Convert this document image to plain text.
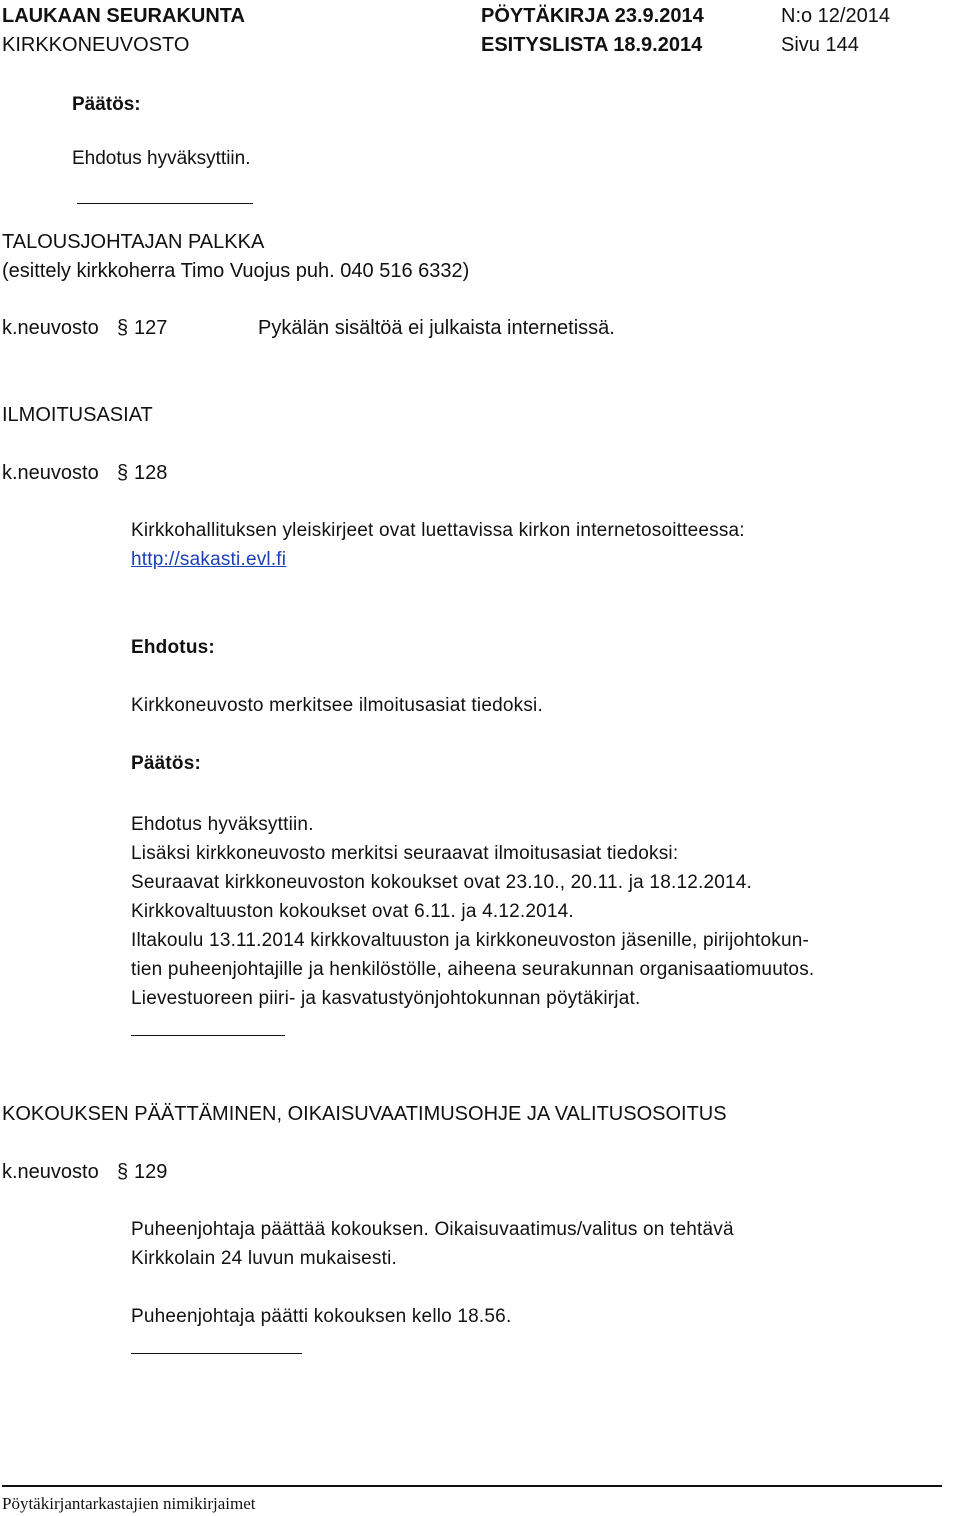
LAUKAAN SEURAKUNTA
KIRKKONEUVOSTO
PÖYTÄKIRJA 23.9.2014
ESITYSLISTA 18.9.2014
N:o 12/2014
Sivu 144
Päätös:
Ehdotus hyväksyttiin.
TALOUSJOHTAJAN PALKKA
(esittely kirkkoherra Timo Vuojus puh. 040 516 6332)
k.neuvosto § 127	Pykälän sisältöä ei julkaista internetissä.
ILMOITUSASIAT
k.neuvosto § 128
Kirkkohallituksen yleiskirjeet ovat luettavissa kirkon internetosoitteessa:
http://sakasti.evl.fi
Ehdotus:
Kirkkoneuvosto merkitsee ilmoitusasiat tiedoksi.
Päätös:
Ehdotus hyväksyttiin.
Lisäksi kirkkoneuvosto merkitsi seuraavat ilmoitusasiat tiedoksi:
Seuraavat kirkkoneuvoston kokoukset ovat 23.10., 20.11. ja 18.12.2014.
Kirkkovaltuuston kokoukset ovat 6.11. ja 4.12.2014.
Iltakoulu 13.11.2014 kirkkovaltuuston ja kirkkoneuvoston jäsenille, pirijohtokun-
tien puheenjohtajille ja henkilöstölle, aiheena seurakunnan organisaatiomuutos.
Lievestuoreen piiri- ja kasvatustyönjohtokunnan pöytäkirjat.
KOKOUKSEN PÄÄTTÄMINEN, OIKAISUVAATIMUSOHJE JA VALITUSOSOITUS
k.neuvosto § 129
Puheenjohtaja päättää kokouksen. Oikaisuvaatimus/valitus on tehtävä
Kirkkolain 24 luvun mukaisesti.
Puheenjohtaja päätti kokouksen kello 18.56.
Pöytäkirjantarkastajien nimikirjaimet
